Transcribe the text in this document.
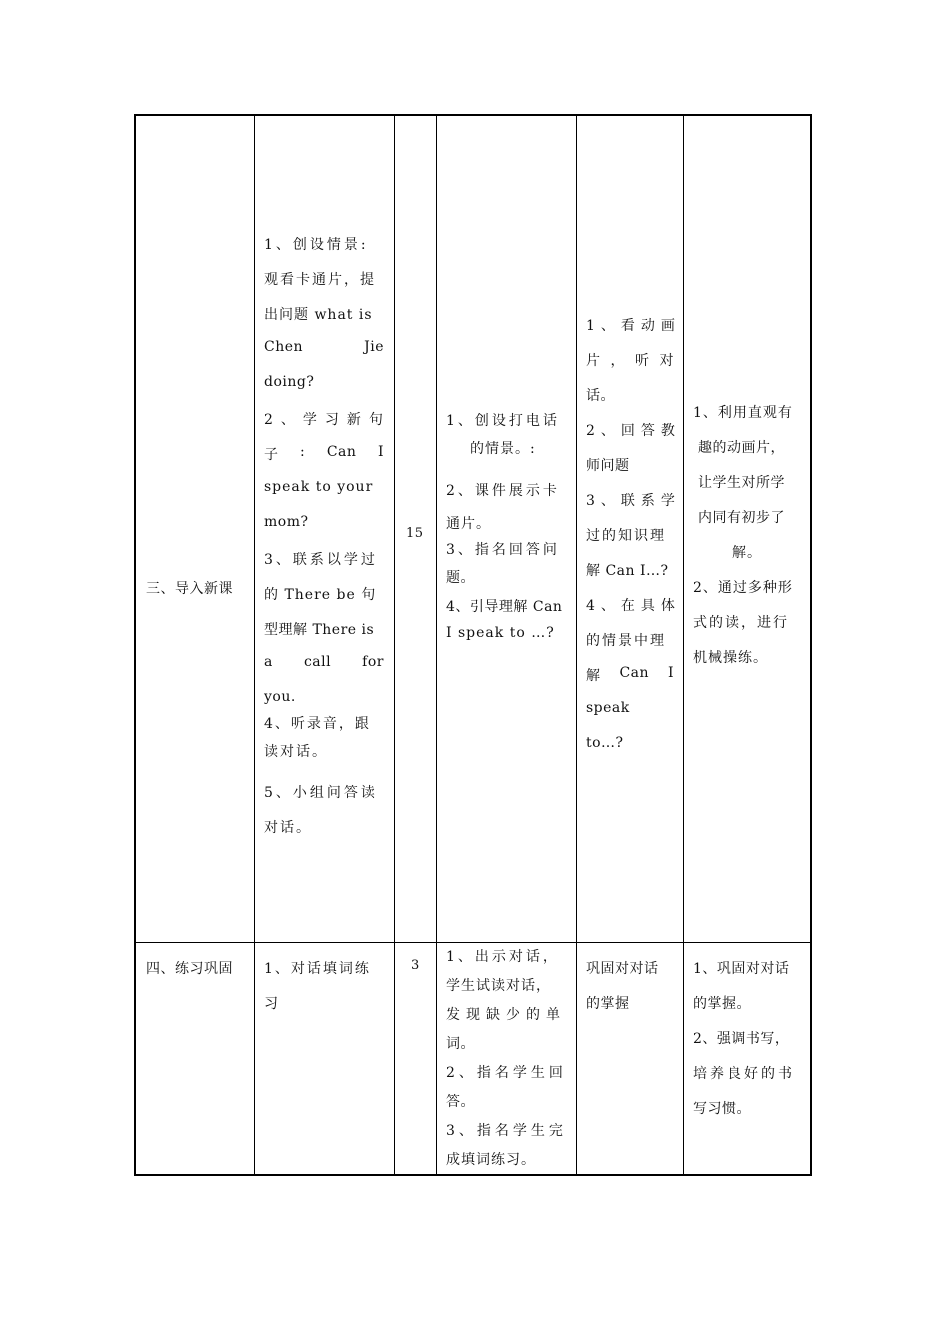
三、导入新课
1、创设情景:
观看卡通片，提
出问题 what is
Chen	Jie
doing?
2、学习新句
子 : Can I
speak to your
mom?
3、联系以学过
的 There be 句
型理解 There is
a call for
you.
4、听录音，跟
读对话。
5、小组问答读
对话。
15
1、创设打电话
的情景。:
2、课件展示卡
通片。
3、指名回答问
题。
4、引导理解 Can
I speak to …?
1、看动画
片 ， 听 对
话。
2、回答教
师问题
3、联系学
过的知识理
解 Can I…?
4、在具体
的情景中理
解 Can I
speak
to…?
1、利用直观有
趣的动画片，
让学生对所学
内同有初步了
解。
2、通过多种形
式的读，进行
机械操练。
四、练习巩固 1、对话填词练
习
3
1、出示对话，
学生试读对话，
发现缺少的单
词。
2、指名学生回
答。
3、指名学生完
成填词练习。
巩固对对话
的掌握
1、巩固对对话
的掌握。
2、强调书写，
培养良好的书
写习惯。
